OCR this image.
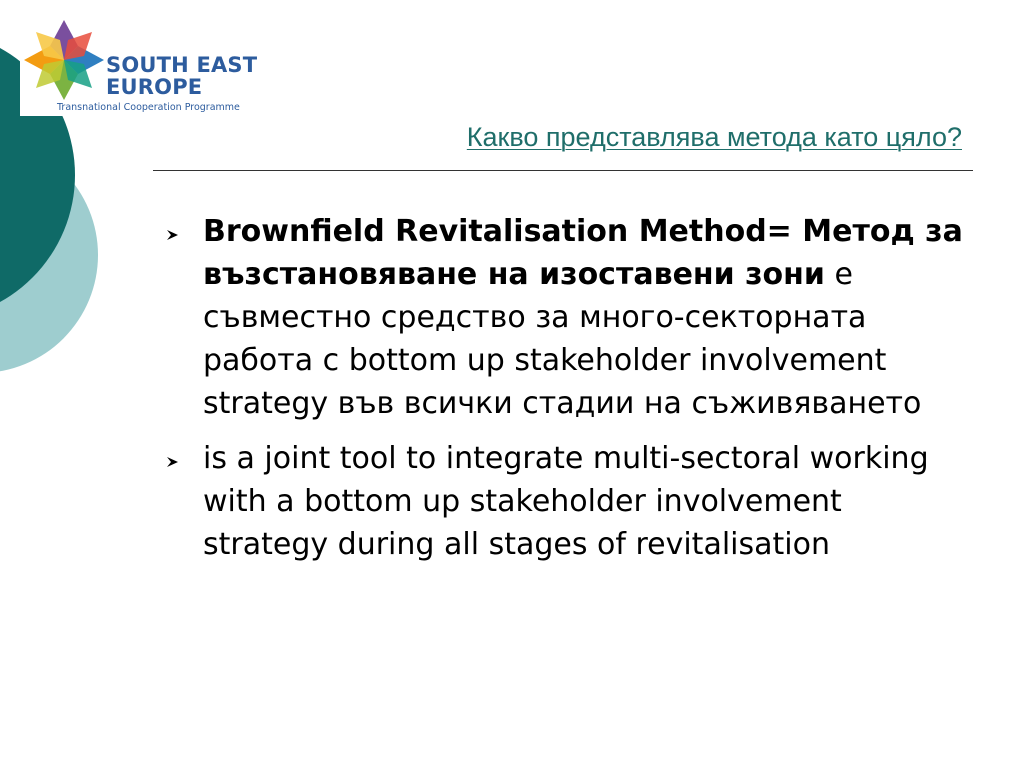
SOUTH EAST
EUROPE
Transnational Cooperation Programme
Какво представлява метода като цяло?
Brownfield Revitalisation Method= Метод за възстановяване на изоставени зони е съвместно средство за много-секторната работа с bottom up stakeholder involvement strategy във всички стадии на съживяването
is a joint tool to integrate multi-sectoral working with a bottom up stakeholder involvement strategy during all stages of revitalisation
